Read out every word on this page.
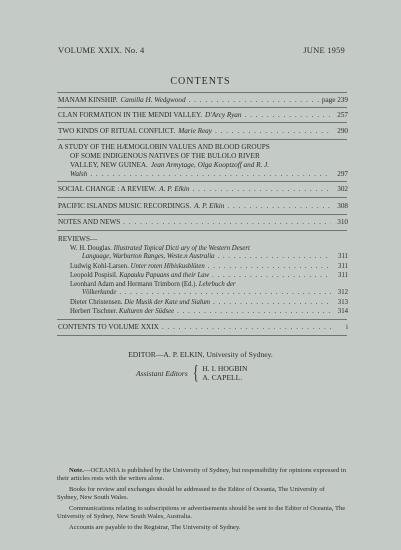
VOLUME XXIX. No. 4	JUNE 1959
CONTENTS
MANAM KINSHIP. Camilla H. Wedgwood . . .	page 239
CLAN FORMATION IN THE MENDI VALLEY. D'Arcy Ryan . . .	257
TWO KINDS OF RITUAL CONFLICT. Marie Reay . . .	290
A STUDY OF THE HÆMOGLOBIN VALUES AND BLOOD GROUPS
OF SOME INDIGENOUS NATIVES OF THE BULOLO RIVER
VALLEY, NEW GUINEA. Jean Armytage, Olga Kooptzoff and R. J.
Walsh . . .	297
SOCIAL CHANGE : A REVIEW. A. P. Elkin . . .	302
PACIFIC ISLANDS MUSIC RECORDINGS. A. P. Elkin . . .	308
NOTES AND NEWS . . .	310
REVIEWS—
W. H. Douglas.
Illustrated Topical Dicti ary of the Western Desert
Language, Warburton Ranges, Weste.n Australia . . .	311
Ludwig Kohl-Larsen.
Unter roten Hibiskusblüten . . .	311
Leopold Pospisil.
Kapauku Papuans and their Law . . .	311
Leonhard Adam and Hermann Trimborn (Ed.).
Lehrbuch der
Völkerkunde . . .	312
Dieter Christensen.
Die Musik der Kate und Sialum . . .	313
Herbert Tischner.
Kulturen der Südsee . . .	314
CONTENTS TO VOLUME XXIX . . .	i
EDITOR—A. P. ELKIN, University of Sydney.
Assistant Editors { H. I. HOGBIN
A. CAPELL.

Note.—OCEANIA is published by the University of Sydney, but responsibility for opinions expressed in their articles rests with the writers alone.

Books for review and exchanges should be addressed to the Editor of Oceania, The University of Sydney, New South Wales.

Communications relating to subscriptions or advertisements should be sent to the Editor of Oceania, The University of Sydney, New South Wales, Australia.

Accounts are payable to the Registrar, The University of Sydney.
